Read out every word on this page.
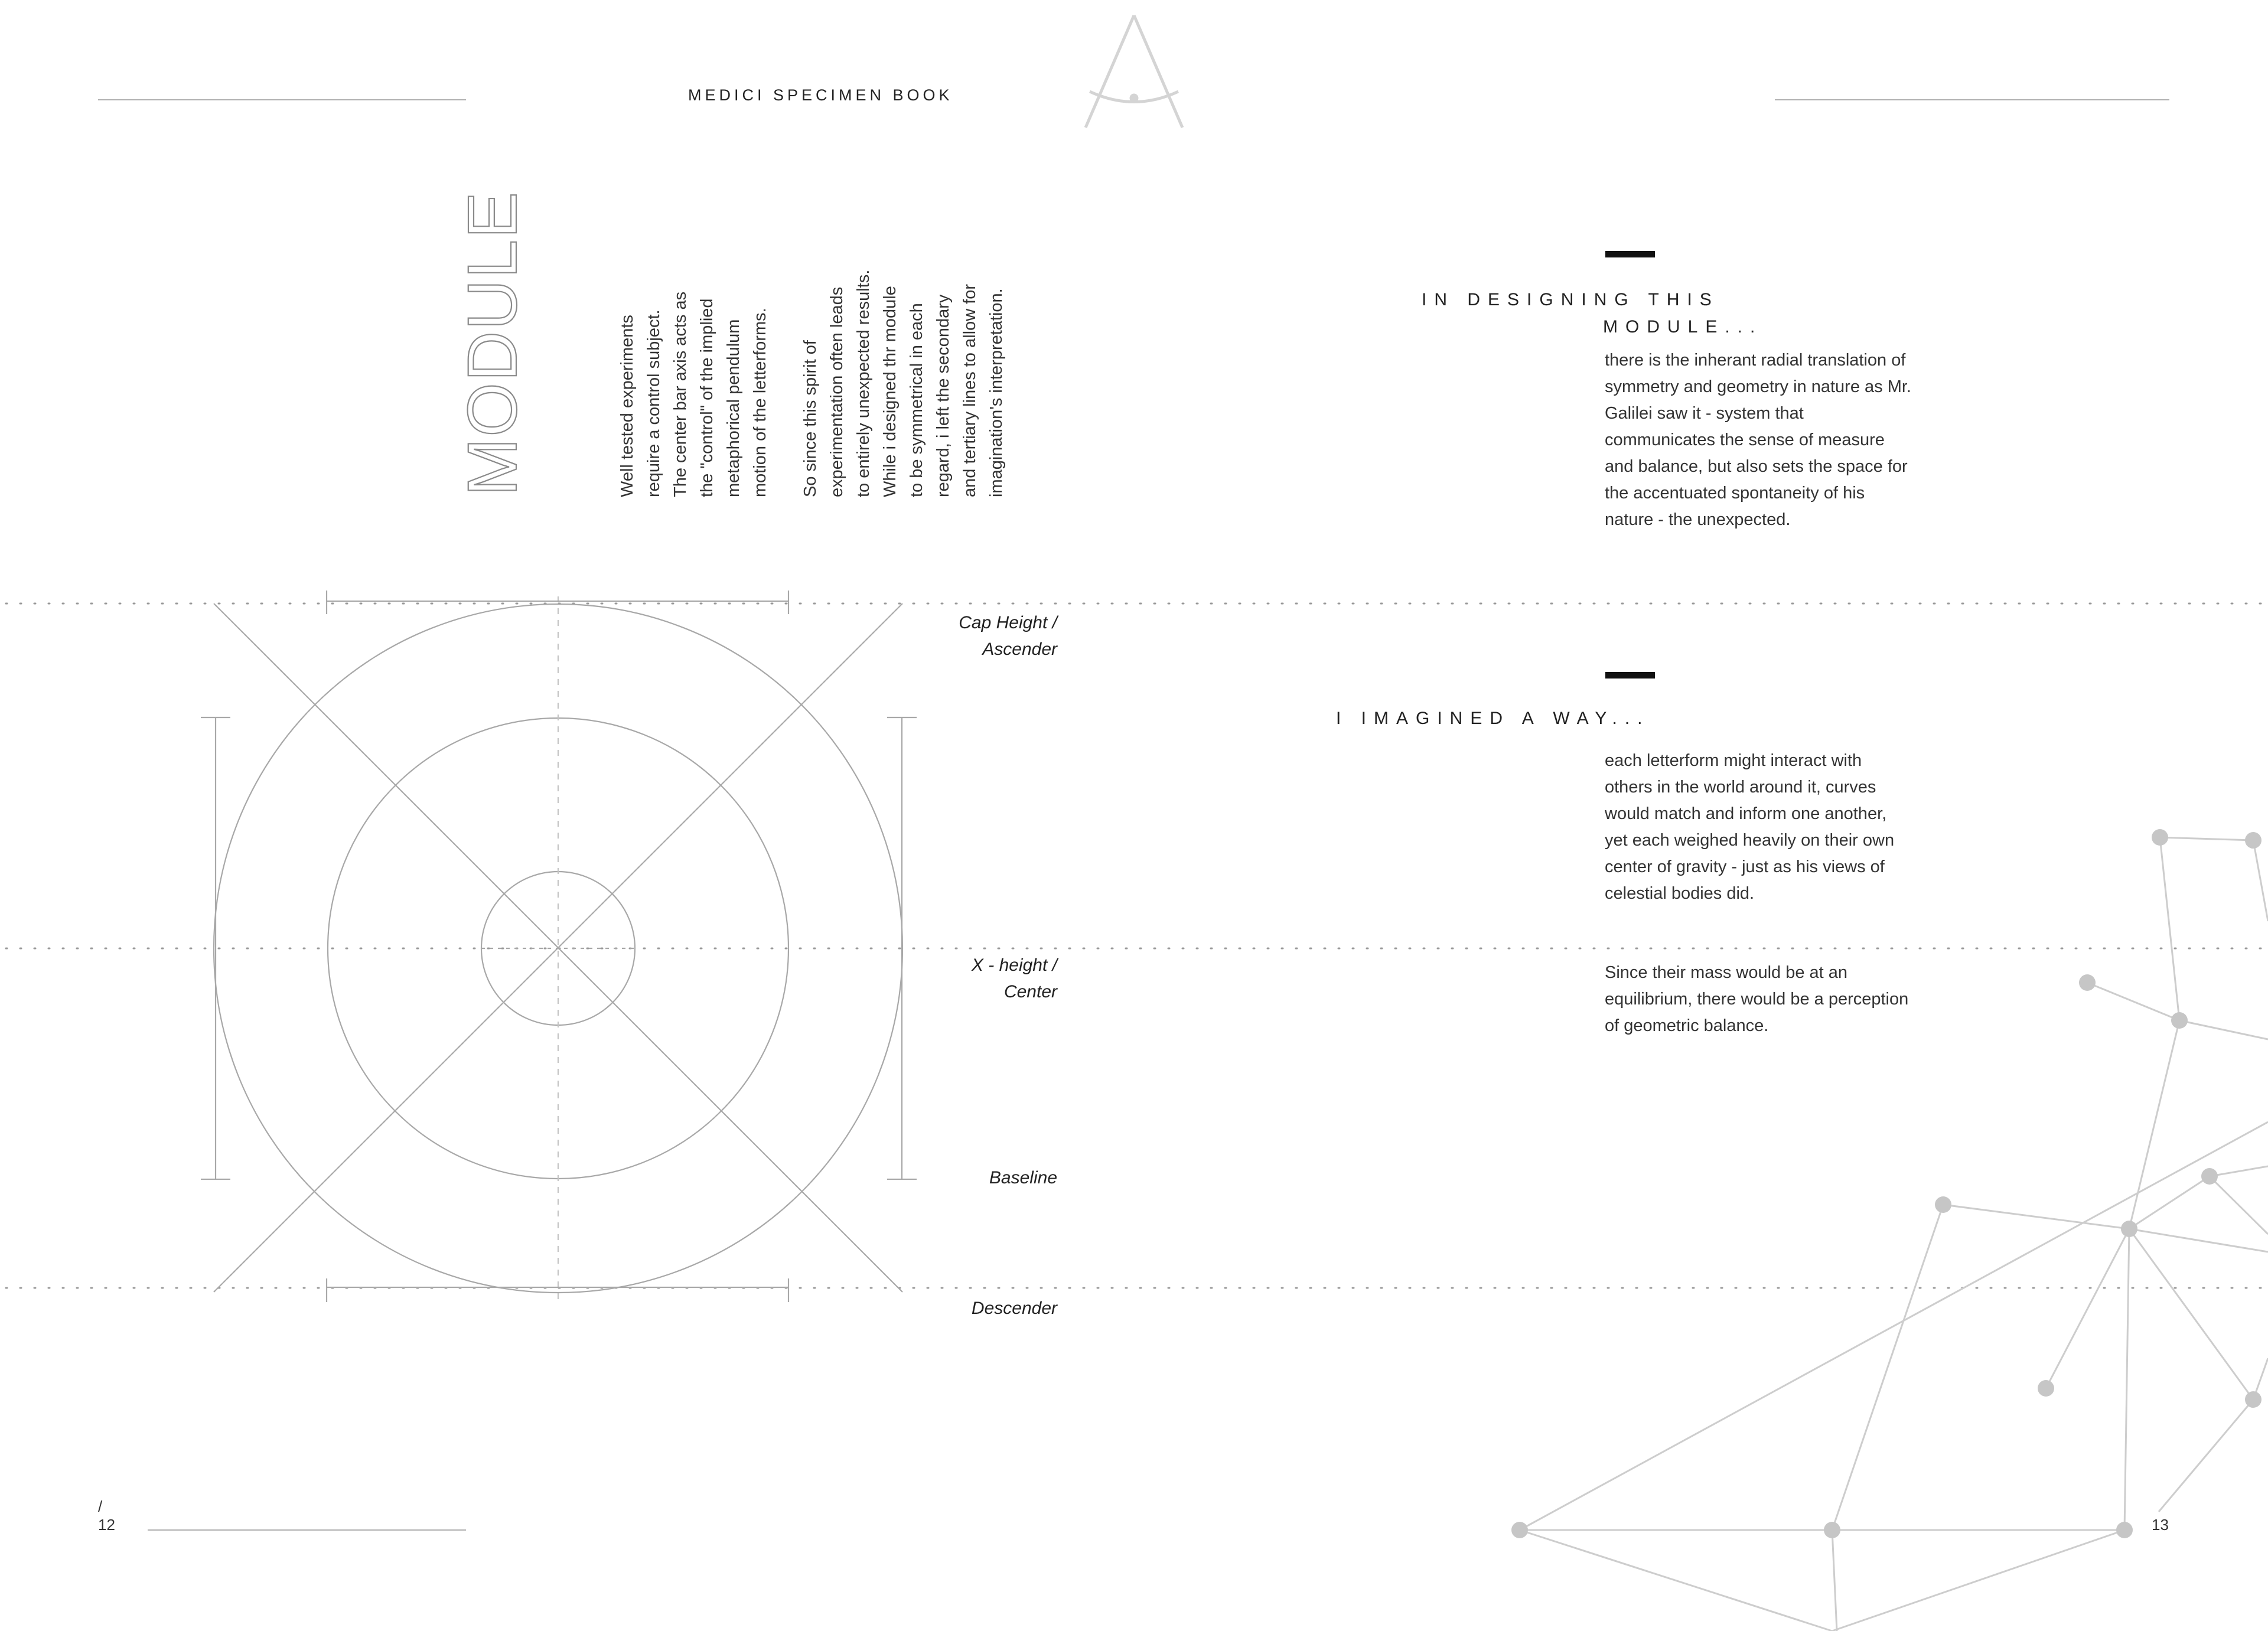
MEDICI SPECIMEN BOOK
MODULE	Well tested experiments
require a control subject.
The center bar axis acts as
the "control" of the implied
metaphorical pendulum
motion of the letterforms.
So since this spirit of
experimentation often leads
to entirely unexpected results.
While i designed thr module
to be symmetrical in each
regard, i left the secondary
and tertiary lines to allow for
imagination's interpretation.
Cap Height /
Ascender
X - height /
Center
Baseline
Descender
IN DESIGNING THIS
MODULE...
there is the inherant radial translation of symmetry and geometry in nature as Mr. Galilei saw it - system that communicates the sense of measure and balance, but also sets the space for the accentuated spontaneity of his nature - the unexpected.
I IMAGINED A WAY...
each letterform might interact with others in the world around it, curves would match and inform one another, yet each weighed heavily on their own center of gravity - just as his views of celestial bodies did.
Since their mass would be at an equilibrium, there would be a perception of geometric balance.
/
12	13
